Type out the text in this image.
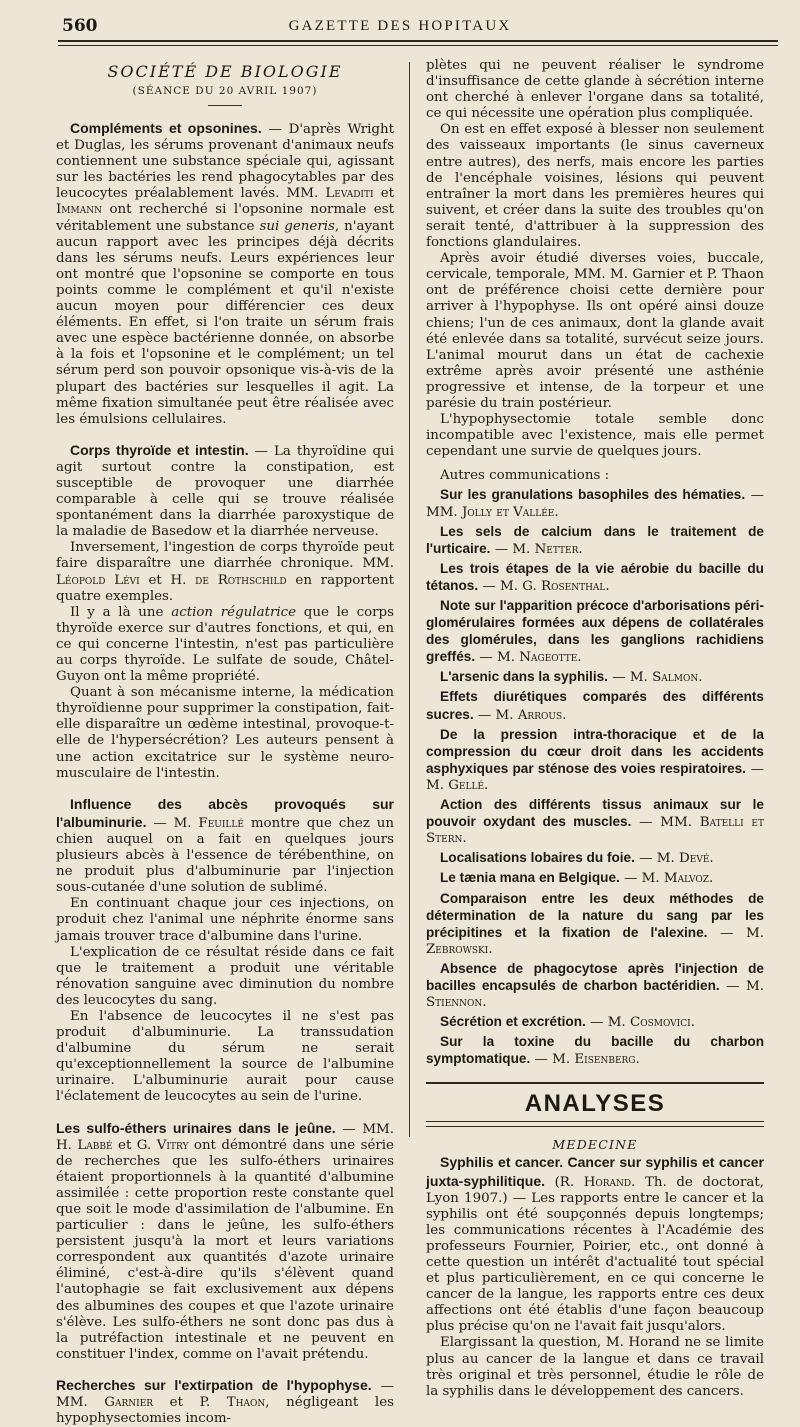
560	GAZETTE DES HOPITAUX
SOCIÉTÉ DE BIOLOGIE
(SÉANCE DU 20 AVRIL 1907)

Compléments et opsonines. — D'après Wright et Duglas, les sérums provenant d'animaux neufs contiennent une substance spéciale qui, agissant sur les bactéries les rend phagocytables par des leucocytes préalablement lavés. MM. Levaditi et Immann ont recherché si l'opsonine normale est véritablement une substance sui generis, n'ayant aucun rapport avec les principes déjà décrits dans les sérums neufs. Leurs expériences leur ont montré que l'opsonine se comporte en tous points comme le complément et qu'il n'existe aucun moyen pour différencier ces deux éléments. En effet, si l'on traite un sérum frais avec une espèce bactérienne donnée, on absorbe à la fois et l'opsonine et le complément; un tel sérum perd son pouvoir opsonique vis-à-vis de la plupart des bactéries sur lesquelles il agit. La même fixation simultanée peut être réalisée avec les émulsions cellulaires.

Corps thyroïde et intestin. — La thyroïdine qui agit surtout contre la constipation, est susceptible de provoquer une diarrhée comparable à celle qui se trouve réalisée spontanément dans la diarrhée paroxystique de la maladie de Basedow et la diarrhée nerveuse.

Inversement, l'ingestion de corps thyroïde peut faire disparaître une diarrhée chronique. MM. Léopold Lévi et H. de Rothschild en rapportent quatre exemples.

Il y a là une action régulatrice que le corps thyroïde exerce sur d'autres fonctions, et qui, en ce qui concerne l'intestin, n'est pas particulière au corps thyroïde. Le sulfate de soude, Châtel-Guyon ont la même propriété.

Quant à son mécanisme interne, la médication thyroïdienne pour supprimer la constipation, fait-elle disparaître un œdème intestinal, provoque-t-elle de l'hypersécrétion? Les auteurs pensent à une action excitatrice sur le système neuro-musculaire de l'intestin.

Influence des abcès provoqués sur l'albuminurie. — M. Feuillé montre que chez un chien auquel on a fait en quelques jours plusieurs abcès à l'essence de térébenthine, on ne produit plus d'albuminurie par l'injection sous-cutanée d'une solution de sublimé.

En continuant chaque jour ces injections, on produit chez l'animal une néphrite énorme sans jamais trouver trace d'albumine dans l'urine.

L'explication de ce résultat réside dans ce fait que le traitement a produit une véritable rénovation sanguine avec diminution du nombre des leucocytes du sang.

En l'absence de leucocytes il ne s'est pas produit d'albuminurie. La transsudation d'albumine du sérum ne serait qu'exceptionnellement la source de l'albumine urinaire. L'albuminurie aurait pour cause l'éclatement de leucocytes au sein de l'urine.

Les sulfo-éthers urinaires dans le jeûne. — MM. H. Labbé et G. Vitry ont démontré dans une série de recherches que les sulfo-éthers urinaires étaient proportionnels à la quantité d'albumine assimilée : cette proportion reste constante quel que soit le mode d'assimilation de l'albumine. En particulier : dans le jeûne, les sulfo-éthers persistent jusqu'à la mort et leurs variations correspondent aux quantités d'azote urinaire éliminé, c'est-à-dire qu'ils s'élèvent quand l'autophagie se fait exclusivement aux dépens des albumines des coupes et que l'azote urinaire s'élève. Les sulfo-éthers ne sont donc pas dus à la putréfaction intestinale et ne peuvent en constituer l'index, comme on l'avait prétendu.

Recherches sur l'extirpation de l'hypophyse. — MM. Garnier et P. Thaon, négligeant les hypophysectomies incom-

plètes qui ne peuvent réaliser le syndrome d'insuffisance de cette glande à sécrétion interne ont cherché à enlever l'organe dans sa totalité, ce qui nécessite une opération plus compliquée.

On est en effet exposé à blesser non seulement des vaisseaux importants (le sinus caverneux entre autres), des nerfs, mais encore les parties de l'encéphale voisines, lésions qui peuvent entraîner la mort dans les premières heures qui suivent, et créer dans la suite des troubles qu'on serait tenté, d'attribuer à la suppression des fonctions glandulaires.

Après avoir étudié diverses voies, buccale, cervicale, temporale, MM. M. Garnier et P. Thaon ont de préférence choisi cette dernière pour arriver à l'hypophyse. Ils ont opéré ainsi douze chiens; l'un de ces animaux, dont la glande avait été enlevée dans sa totalité, survécut seize jours. L'animal mourut dans un état de cachexie extrême après avoir présenté une asthénie progressive et intense, de la torpeur et une parésie du train postérieur.

L'hypophysectomie totale semble donc incompatible avec l'existence, mais elle permet cependant une survie de quelques jours.

Autres communications :

Sur les granulations basophiles des hématies. — MM. Jolly et Vallée.

Les sels de calcium dans le traitement de l'urticaire. — M. Netter.

Les trois étapes de la vie aérobie du bacille du tétanos. — M. G. Rosenthal.

Note sur l'apparition précoce d'arborisations péri-glomérulaires formées aux dépens de collatérales des glomérules, dans les ganglions rachidiens greffés. — M. Nageotte.

L'arsenic dans la syphilis. — M. Salmon.

Effets diurétiques comparés des différents sucres. — M. Arrous.

De la pression intra-thoracique et de la compression du cœur droit dans les accidents asphyxiques par sténose des voies respiratoires. — M. Gellé.

Action des différents tissus animaux sur le pouvoir oxydant des muscles. — MM. Batelli et Stern.

Localisations lobaires du foie. — M. Devé.

Le tænia mana en Belgique. — M. Malvoz.

Comparaison entre les deux méthodes de détermination de la nature du sang par les précipitines et la fixation de l'alexine. — M. Zebrowski.

Absence de phagocytose après l'injection de bacilles encapsulés de charbon bactéridien. — M. Stiennon.

Sécrétion et excrétion. — M. Cosmovici.

Sur la toxine du bacille du charbon symptomatique. — M. Eisenberg.

ANALYSES
MEDECINE

Syphilis et cancer. Cancer sur syphilis et cancer juxta-syphilitique. (R. Horand. Th. de doctorat, Lyon 1907.) — Les rapports entre le cancer et la syphilis ont été soupçonnés depuis longtemps; les communications récentes à l'Académie des professeurs Fournier, Poirier, etc., ont donné à cette question un intérêt d'actualité tout spécial et plus particulièrement, en ce qui concerne le cancer de la langue, les rapports entre ces deux affections ont été établis d'une façon beaucoup plus précise qu'on ne l'avait fait jusqu'alors.

Elargissant la question, M. Horand ne se limite plus au cancer de la langue et dans ce travail très original et très personnel, étudie le rôle de la syphilis dans le développement des cancers.
